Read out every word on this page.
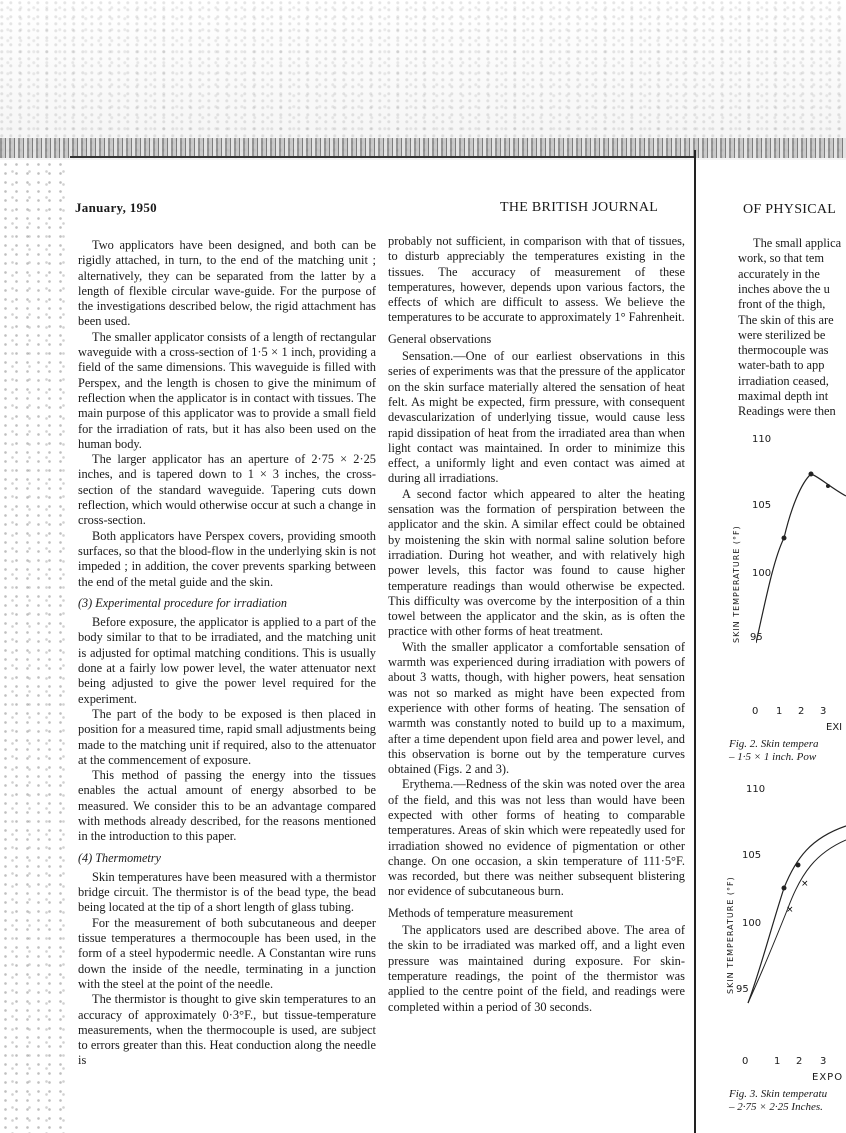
January, 1950	THE BRITISH JOURNAL

Two applicators have been designed, and both can be rigidly attached, in turn, to the end of the matching unit ; alternatively, they can be separated from the latter by a length of flexible circular wave-guide. For the purpose of the investigations described below, the rigid attachment has been used.

The smaller applicator consists of a length of rectangular waveguide with a cross-section of 1·5 × 1 inch, providing a field of the same dimensions. This waveguide is filled with Perspex, and the length is chosen to give the minimum of reflection when the applicator is in contact with tissues. The main purpose of this applicator was to provide a small field for the irradiation of rats, but it has also been used on the human body.

The larger applicator has an aperture of 2·75 × 2·25 inches, and is tapered down to 1 × 3 inches, the cross-section of the standard waveguide. Tapering cuts down reflection, which would otherwise occur at such a change in cross-section.

Both applicators have Perspex covers, providing smooth surfaces, so that the blood-flow in the underlying skin is not impeded ; in addition, the cover prevents sparking between the end of the metal guide and the skin.

(3) Experimental procedure for irradiation

Before exposure, the applicator is applied to a part of the body similar to that to be irradiated, and the matching unit is adjusted for optimal matching conditions. This is usually done at a fairly low power level, the water attenuator next being adjusted to give the power level required for the experiment.

The part of the body to be exposed is then placed in position for a measured time, rapid small adjustments being made to the matching unit if required, also to the attenuator at the commencement of exposure.

This method of passing the energy into the tissues enables the actual amount of energy absorbed to be measured. We consider this to be an advantage compared with methods already described, for the reasons mentioned in the introduction to this paper.

(4) Thermometry

Skin temperatures have been measured with a thermistor bridge circuit. The thermistor is of the bead type, the bead being located at the tip of a short length of glass tubing.

For the measurement of both subcutaneous and deeper tissue temperatures a thermocouple has been used, in the form of a steel hypodermic needle. A Constantan wire runs down the inside of the needle, terminating in a junction with the steel at the point of the needle.

The thermistor is thought to give skin temperatures to an accuracy of approximately 0·3°F., but tissue-temperature measurements, when the thermocouple is used, are subject to errors greater than this. Heat conduction along the needle is

probably not sufficient, in comparison with that of tissues, to disturb appreciably the temperatures existing in the tissues. The accuracy of measurement of these temperatures, however, depends upon various factors, the effects of which are difficult to assess. We believe the temperatures to be accurate to approximately 1° Fahrenheit.

General observations

Sensation.—One of our earliest observations in this series of experiments was that the pressure of the applicator on the skin surface materially altered the sensation of heat felt. As might be expected, firm pressure, with consequent devascularization of underlying tissue, would cause less rapid dissipation of heat from the irradiated area than when light contact was maintained. In order to minimize this effect, a uniformly light and even contact was aimed at during all irradiations.

A second factor which appeared to alter the heating sensation was the formation of perspiration between the applicator and the skin. A similar effect could be obtained by moistening the skin with normal saline solution before irradiation. During hot weather, and with relatively high power levels, this factor was found to cause higher temperature readings than would otherwise be expected. This difficulty was overcome by the interposition of a thin towel between the applicator and the skin, as is often the practice with other forms of heat treatment.

With the smaller applicator a comfortable sensation of warmth was experienced during irradiation with powers of about 3 watts, though, with higher powers, heat sensation was not so marked as might have been expected from experience with other forms of heating. The sensation of warmth was constantly noted to build up to a maximum, after a time dependent upon field area and power level, and this observation is borne out by the temperature curves obtained (Figs. 2 and 3).

Erythema.—Redness of the skin was noted over the area of the field, and this was not less than would have been expected with other forms of heating to comparable temperatures. Areas of skin which were repeatedly used for irradiation showed no evidence of pigmentation or other change. On one occasion, a skin temperature of 111·5°F. was recorded, but there was neither subsequent blistering nor evidence of subcutaneous burn.

Methods of temperature measurement

The applicators used are described above. The area of the skin to be irradiated was marked off, and a light even pressure was maintained during exposure. For skin-temperature readings, the point of the thermistor was applied to the centre point of the field, and readings were completed within a period of 30 seconds.

OF PHYSICAL
The small applica
work, so that tem
accurately in the
inches above the u
front of the thigh,
The skin of this are
were sterilized be
thermocouple was
water-bath to app
irradiation ceased,
maximal depth int
Readings were then
110
105
100
95
SKIN TEMPERATURE (°F)
0 1 2 3
EXI
Fig. 2. Skin tempera
– 1·5 × 1 inch. Pow
110
105
100
95
SKIN TEMPERATURE (°F)	×
×
0	1 2 3
EXPO
Fig. 3. Skin temperatu
– 2·75 × 2·25 Inches.
